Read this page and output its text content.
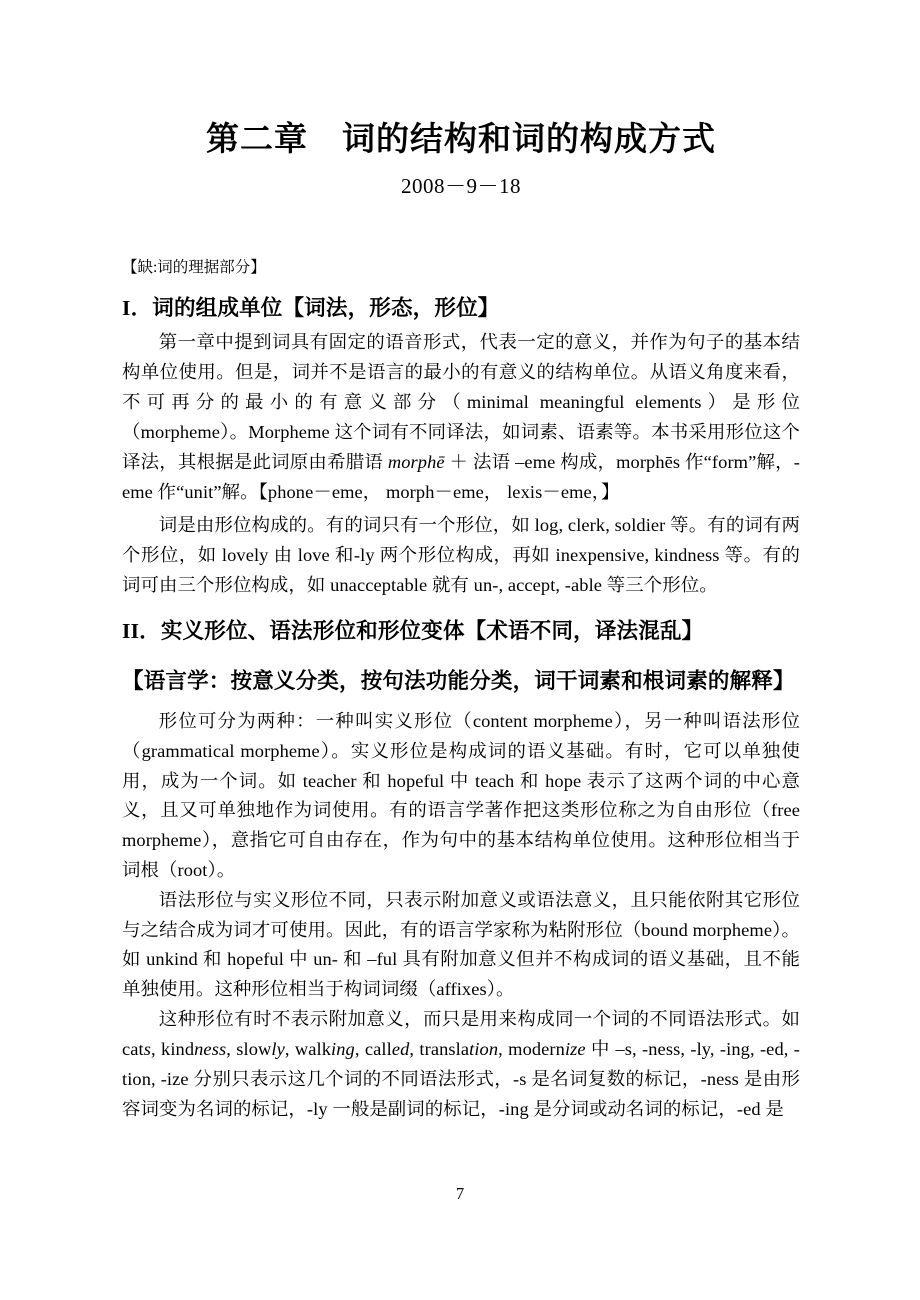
第二章　词的结构和词的构成方式

2008－9－18

【缺:词的理据部分】

I．词的组成单位【词法，形态，形位】

第一章中提到词具有固定的语音形式，代表一定的意义，并作为句子的基本结构单位使用。但是，词并不是语言的最小的有意义的结构单位。从语义角度来看，不可再分的最小的有意义部分（minimal meaningful elements）是形位（morpheme）。Morpheme 这个词有不同译法，如词素、语素等。本书采用形位这个译法，其根据是此词原由希腊语 morphē ＋ 法语 –eme 构成，morphēs 作“form”解，-eme 作“unit”解。【phone－eme， morph－eme， lexis－eme，】

词是由形位构成的。有的词只有一个形位，如 log, clerk, soldier 等。有的词有两个形位，如 lovely 由 love 和-ly 两个形位构成，再如 inexpensive, kindness 等。有的词可由三个形位构成，如 unacceptable 就有 un-, accept, -able 等三个形位。

II．实义形位、语法形位和形位变体【术语不同，译法混乱】
【语言学：按意义分类，按句法功能分类，词干词素和根词素的解释】

形位可分为两种：一种叫实义形位（content morpheme），另一种叫语法形位（grammatical morpheme）。实义形位是构成词的语义基础。有时，它可以单独使用，成为一个词。如 teacher 和 hopeful 中 teach 和 hope 表示了这两个词的中心意义，且又可单独地作为词使用。有的语言学著作把这类形位称之为自由形位（free morpheme），意指它可自由存在，作为句中的基本结构单位使用。这种形位相当于词根（root）。

语法形位与实义形位不同，只表示附加意义或语法意义，且只能依附其它形位与之结合成为词才可使用。因此，有的语言学家称为粘附形位（bound morpheme）。如 unkind 和 hopeful 中 un- 和 –ful 具有附加意义但并不构成词的语义基础，且不能单独使用。这种形位相当于构词词缀（affixes）。

这种形位有时不表示附加意义，而只是用来构成同一个词的不同语法形式。如 cats, kindness, slowly, walking, called, translation, modernize 中 –s, -ness, -ly, -ing, -ed, -tion, -ize 分别只表示这几个词的不同语法形式，-s 是名词复数的标记，-ness 是由形容词变为名词的标记，-ly 一般是副词的标记，-ing 是分词或动名词的标记，-ed 是

7
